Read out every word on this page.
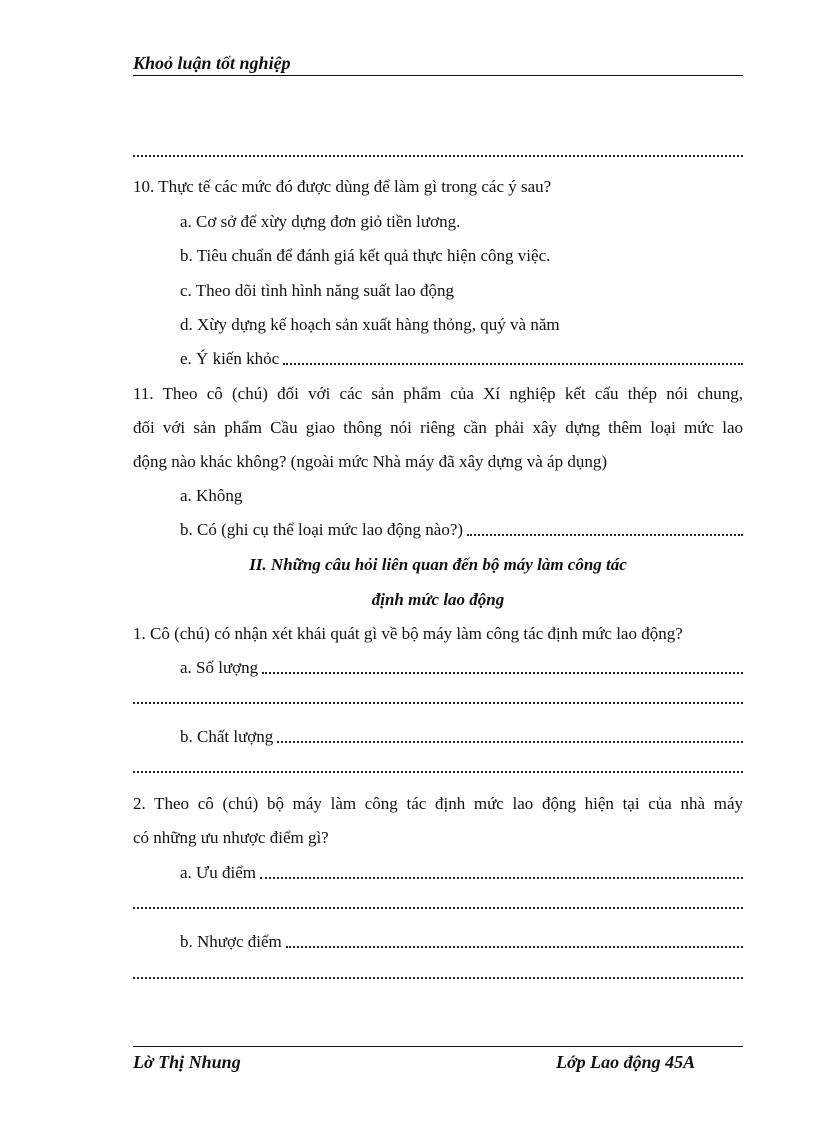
Khoỏ luận tốt nghiệp
10. Thực tế các mức đó được dùng để làm gì trong các ý sau?
a. Cơ sở để xừy dựng đơn giỏ tiền lương.
b. Tiêu chuẩn để đánh giá kết quả thực hiện công việc.
c. Theo dõi tình hình năng suất lao động
d. Xừy dựng kế hoạch sản xuất hàng thỏng, quý và năm
e. Ý kiến khỏc
11. Theo cô (chú) đối với các sản phẩm của Xí nghiệp kết cấu thép nói chung,
đối với sản phẩm Cầu giao thông nói riêng cần phải xây dựng thêm loại mức lao
động nào khác không? (ngoài mức Nhà máy đã xây dựng và áp dụng)
a. Không
b. Có (ghi cụ thể loại mức lao động nào?)
II. Những câu hỏi liên quan đến bộ máy làm công tác
định mức lao động
1. Cô (chú) có nhận xét khái quát gì về bộ máy làm công tác định mức lao động?
a. Số lượng
b. Chất lượng
2. Theo cô (chú) bộ máy làm công tác định mức lao động hiện tại của nhà máy
có những ưu nhược điểm gì?
a. Ưu điểm
b. Nhược điểm
Lờ Thị Nhung	Lớp Lao động 45A
